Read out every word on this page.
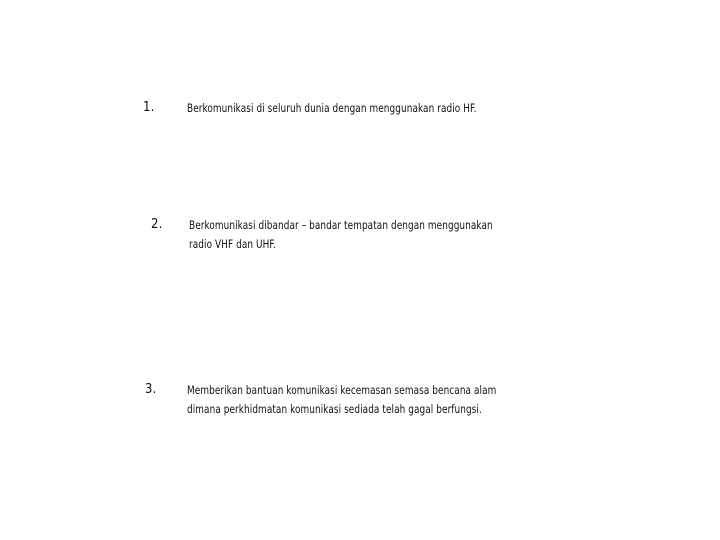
1.	Berkomunikasi di seluruh dunia dengan menggunakan radio HF.
2. Berkomunikasi dibandar – bandar tempatan dengan menggunakan
radio VHF dan UHF.
3.	Memberikan bantuan komunikasi kecemasan semasa bencana alam
dimana perkhidmatan komunikasi sediada telah gagal berfungsi.
